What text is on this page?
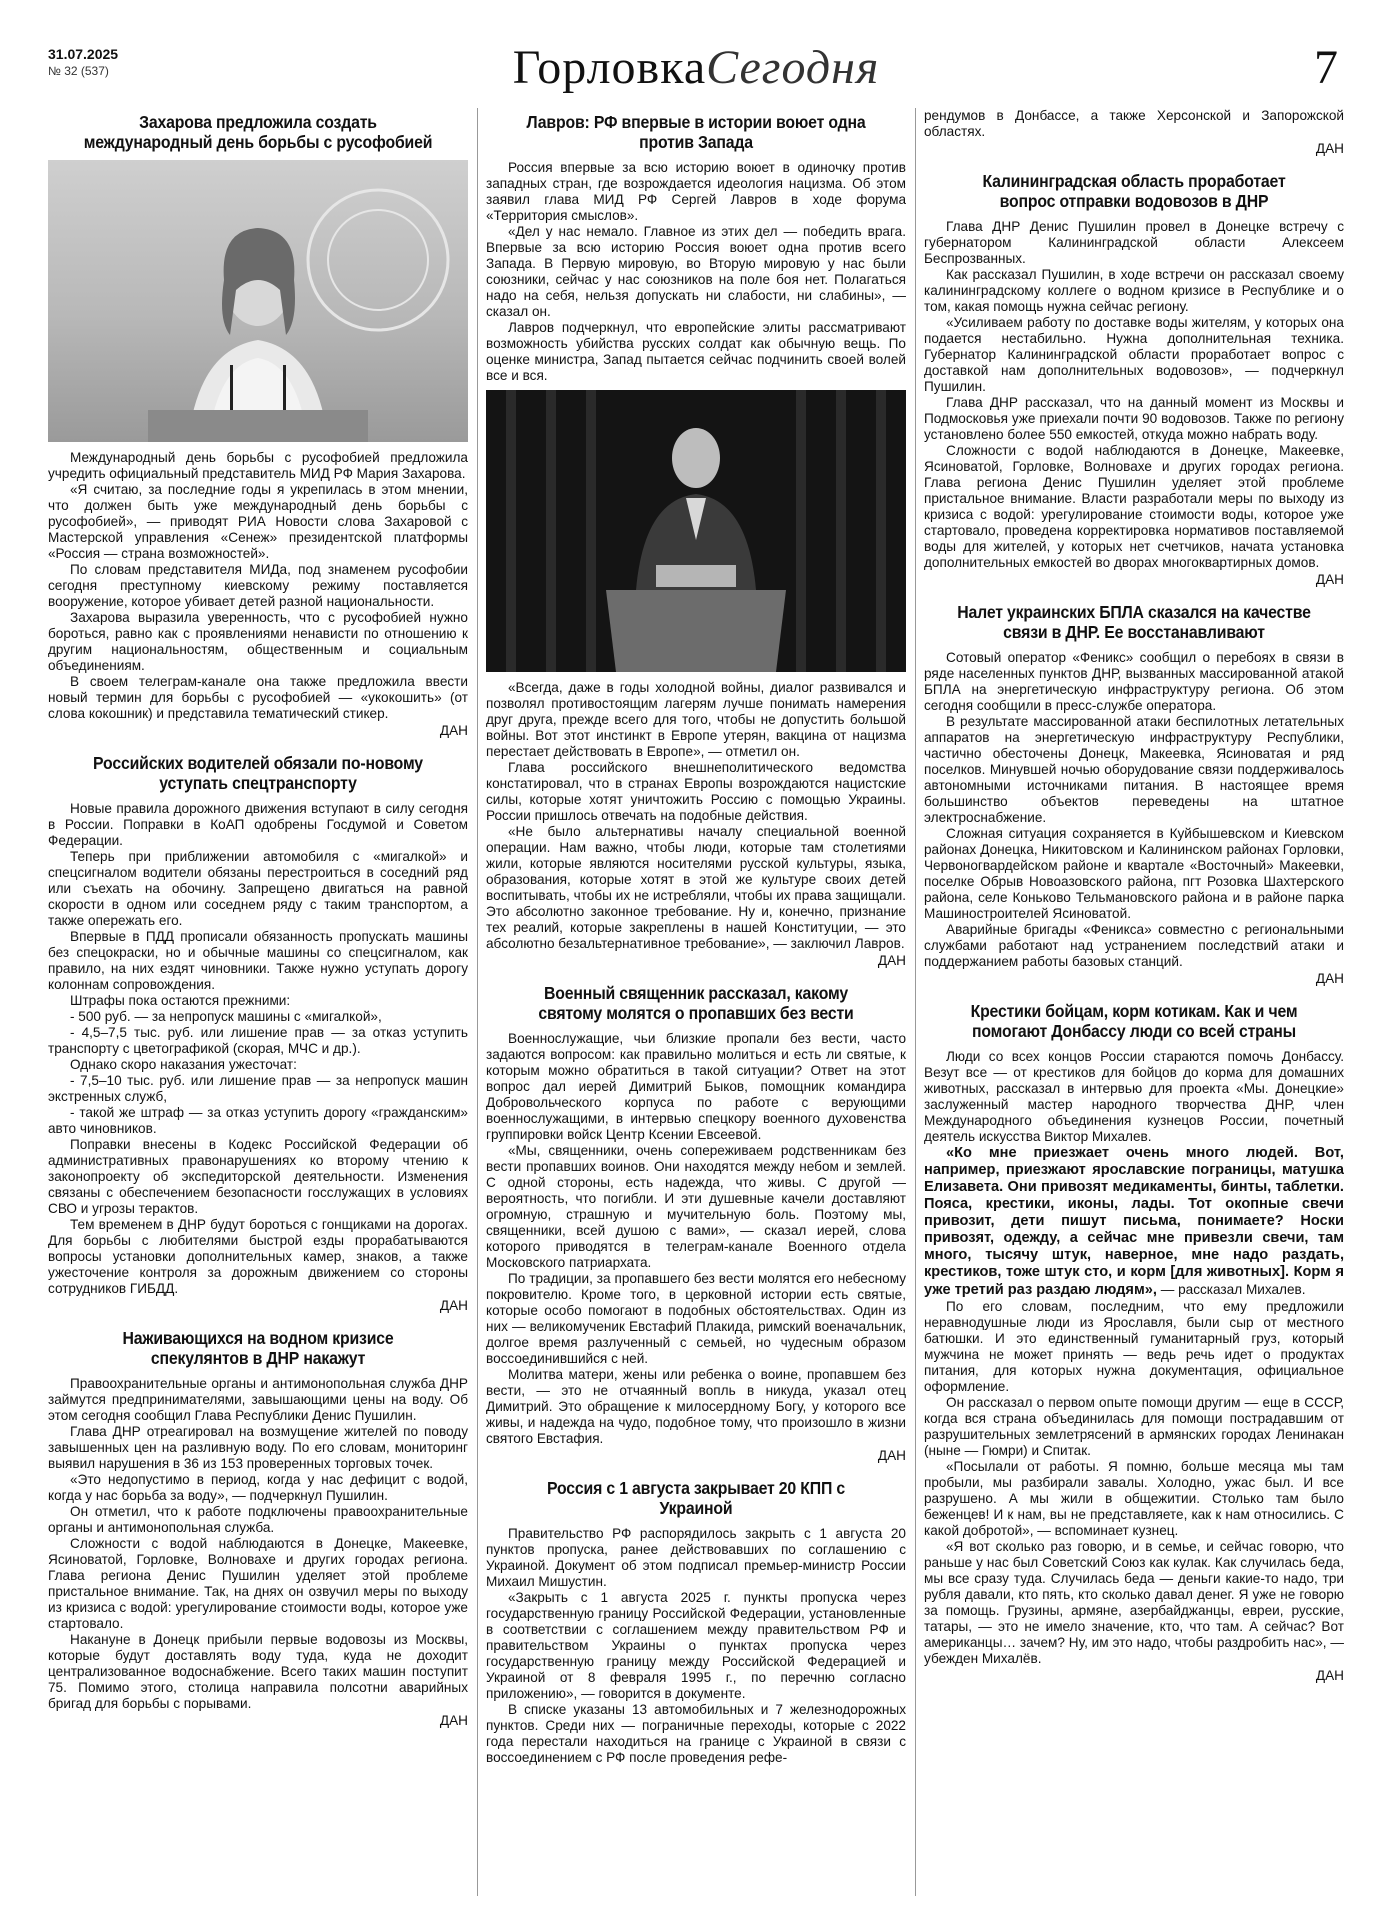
31.07.2025
№ 32 (537)	ГорловкаСегодня	7
Захарова предложила создать международный день борьбы с русофобией

Международный день борьбы с русофобией предложила учредить официальный представитель МИД РФ Мария Захарова.

«Я считаю, за последние годы я укрепилась в этом мнении, что должен быть уже международный день борьбы с русофобией», — приводят РИА Новости слова Захаровой с Мастерской управления «Сенеж» президентской платформы «Россия — страна возможностей».

По словам представителя МИДа, под знаменем русофобии сегодня преступному киевскому режиму поставляется вооружение, которое убивает детей разной национальности.

Захарова выразила уверенность, что с русофобией нужно бороться, равно как с проявлениями ненависти по отношению к другим национальностям, общественным и социальным объединениям.

В своем телеграм-канале она также предложила ввести новый термин для борьбы с русофобией — «укокошить» (от слова кокошник) и представила тематический стикер.

ДАН
Российских водителей обязали по-новому уступать спецтранспорту

Новые правила дорожного движения вступают в силу сегодня в России. Поправки в КоАП одобрены Госдумой и Советом Федерации.

Теперь при приближении автомобиля с «мигалкой» и спецсигналом водители обязаны перестроиться в соседний ряд или съехать на обочину. Запрещено двигаться на равной скорости в одном или соседнем ряду с таким транспортом, а также опережать его.

Впервые в ПДД прописали обязанность пропускать машины без спецокраски, но и обычные машины со спецсигналом, как правило, на них ездят чиновники. Также нужно уступать дорогу колоннам сопровождения.

Штрафы пока остаются прежними:

- 500 руб. — за непропуск машины с «мигалкой»,

- 4,5–7,5 тыс. руб. или лишение прав — за отказ уступить транспорту с цветографикой (скорая, МЧС и др.).

Однако скоро наказания ужесточат:

- 7,5–10 тыс. руб. или лишение прав — за непропуск машин экстренных служб,

- такой же штраф — за отказ уступить дорогу «гражданским» авто чиновников.

Поправки внесены в Кодекс Российской Федерации об административных правонарушениях ко второму чтению к законопроекту об экспедиторской деятельности. Изменения связаны с обеспечением безопасности госслужащих в условиях СВО и угрозы терактов.

Тем временем в ДНР будут бороться с гонщиками на дорогах. Для борьбы с любителями быстрой езды прорабатываются вопросы установки дополнительных камер, знаков, а также ужесточение контроля за дорожным движением со стороны сотрудников ГИБДД.

ДАН
Наживающихся на водном кризисе спекулянтов в ДНР накажут

Правоохранительные органы и антимонопольная служба ДНР займутся предпринимателями, завышающими цены на воду. Об этом сегодня сообщил Глава Республики Денис Пушилин.

Глава ДНР отреагировал на возмущение жителей по поводу завышенных цен на разливную воду. По его словам, мониторинг выявил нарушения в 36 из 153 проверенных торговых точек.

«Это недопустимо в период, когда у нас дефицит с водой, когда у нас борьба за воду», — подчеркнул Пушилин.

Он отметил, что к работе подключены правоохранительные органы и антимонопольная служба.

Сложности с водой наблюдаются в Донецке, Макеевке, Ясиноватой, Горловке, Волновахе и других городах региона. Глава региона Денис Пушилин уделяет этой проблеме пристальное внимание. Так, на днях он озвучил меры по выходу из кризиса с водой: урегулирование стоимости воды, которое уже стартовало.

Накануне в Донецк прибыли первые водовозы из Москвы, которые будут доставлять воду туда, куда не доходит централизованное водоснабжение. Всего таких машин поступит 75. Помимо этого, столица направила полсотни аварийных бригад для борьбы с порывами.

ДАН
Лавров: РФ впервые в истории воюет одна против Запада

Россия впервые за всю историю воюет в одиночку против западных стран, где возрождается идеология нацизма. Об этом заявил глава МИД РФ Сергей Лавров в ходе форума «Территория смыслов».

«Дел у нас немало. Главное из этих дел — победить врага. Впервые за всю историю Россия воюет одна против всего Запада. В Первую мировую, во Вторую мировую у нас были союзники, сейчас у нас союзников на поле боя нет. Полагаться надо на себя, нельзя допускать ни слабости, ни слабины», — сказал он.

Лавров подчеркнул, что европейские элиты рассматривают возможность убийства русских солдат как обычную вещь. По оценке министра, Запад пытается сейчас подчинить своей волей все и вся.

«Всегда, даже в годы холодной войны, диалог развивался и позволял противостоящим лагерям лучше понимать намерения друг друга, прежде всего для того, чтобы не допустить большой войны. Вот этот инстинкт в Европе утерян, вакцина от нацизма перестает действовать в Европе», — отметил он.

Глава российского внешнеполитического ведомства констатировал, что в странах Европы возрождаются нацистские силы, которые хотят уничтожить Россию с помощью Украины. России пришлось отвечать на подобные действия.

«Не было альтернативы началу специальной военной операции. Нам важно, чтобы люди, которые там столетиями жили, которые являются носителями русской культуры, языка, образования, которые хотят в этой же культуре своих детей воспитывать, чтобы их не истребляли, чтобы их права защищали. Это абсолютно законное требование. Ну и, конечно, признание тех реалий, которые закреплены в нашей Конституции, — это абсолютно безальтернативное требование», — заключил Лавров.

ДАН
Военный священник рассказал, какому святому молятся о пропавших без вести

Военнослужащие, чьи близкие пропали без вести, часто задаются вопросом: как правильно молиться и есть ли святые, к которым можно обратиться в такой ситуации? Ответ на этот вопрос дал иерей Димитрий Быков, помощник командира Добровольческого корпуса по работе с верующими военнослужащими, в интервью спецкору военного духовенства группировки войск Центр Ксении Евсеевой.

«Мы, священники, очень сопереживаем родственникам без вести пропавших воинов. Они находятся между небом и землей. С одной стороны, есть надежда, что живы. С другой — вероятность, что погибли. И эти душевные качели доставляют огромную, страшную и мучительную боль. Поэтому мы, священники, всей душою с вами», — сказал иерей, слова которого приводятся в телеграм-канале Военного отдела Московского патриархата.

По традиции, за пропавшего без вести молятся его небесному покровителю. Кроме того, в церковной истории есть святые, которые особо помогают в подобных обстоятельствах. Один из них — великомученик Евстафий Плакида, римский военачальник, долгое время разлученный с семьей, но чудесным образом воссоединившийся с ней.

Молитва матери, жены или ребенка о воине, пропавшем без вести, — это не отчаянный вопль в никуда, указал отец Димитрий. Это обращение к милосердному Богу, у которого все живы, и надежда на чудо, подобное тому, что произошло в жизни святого Евстафия.

ДАН
Россия с 1 августа закрывает 20 КПП с Украиной

Правительство РФ распорядилось закрыть с 1 августа 20 пунктов пропуска, ранее действовавших по соглашению с Украиной. Документ об этом подписал премьер-министр России Михаил Мишустин.

«Закрыть с 1 августа 2025 г. пункты пропуска через государственную границу Российской Федерации, установленные в соответствии с соглашением между правительством РФ и правительством Украины о пунктах пропуска через государственную границу между Российской Федерацией и Украиной от 8 февраля 1995 г., по перечню согласно приложению», — говорится в документе.

В списке указаны 13 автомобильных и 7 железнодорожных пунктов. Среди них — пограничные переходы, которые с 2022 года перестали находиться на границе с Украиной в связи с воссоединением с РФ после проведения рефе-

рендумов в Донбассе, а также Херсонской и Запорожской областях.

ДАН
Калининградская область проработает вопрос отправки водовозов в ДНР

Глава ДНР Денис Пушилин провел в Донецке встречу с губернатором Калининградской области Алексеем Беспрозванных.

Как рассказал Пушилин, в ходе встречи он рассказал своему калининградскому коллеге о водном кризисе в Республике и о том, какая помощь нужна сейчас региону.

«Усиливаем работу по доставке воды жителям, у которых она подается нестабильно. Нужна дополнительная техника. Губернатор Калининградской области проработает вопрос с доставкой нам дополнительных водовозов», — подчеркнул Пушилин.

Глава ДНР рассказал, что на данный момент из Москвы и Подмосковья уже приехали почти 90 водовозов. Также по региону установлено более 550 емкостей, откуда можно набрать воду.

Сложности с водой наблюдаются в Донецке, Макеевке, Ясиноватой, Горловке, Волновахе и других городах региона. Глава региона Денис Пушилин уделяет этой проблеме пристальное внимание. Власти разработали меры по выходу из кризиса с водой: урегулирование стоимости воды, которое уже стартовало, проведена корректировка нормативов поставляемой воды для жителей, у которых нет счетчиков, начата установка дополнительных емкостей во дворах многоквартирных домов.

ДАН
Налет украинских БПЛА сказался на качестве связи в ДНР. Ее восстанавливают

Сотовый оператор «Феникс» сообщил о перебоях в связи в ряде населенных пунктов ДНР, вызванных массированной атакой БПЛА на энергетическую инфраструктуру региона. Об этом сегодня сообщили в пресс-службе оператора.

В результате массированной атаки беспилотных летательных аппаратов на энергетическую инфраструктуру Республики, частично обесточены Донецк, Макеевка, Ясиноватая и ряд поселков. Минувшей ночью оборудование связи поддерживалось автономными источниками питания. В настоящее время большинство объектов переведены на штатное электроснабжение.

Сложная ситуация сохраняется в Куйбышевском и Киевском районах Донецка, Никитовском и Калининском районах Горловки, Червоногвардейском районе и квартале «Восточный» Макеевки, поселке Обрыв Новоазовского района, пгт Розовка Шахтерского района, селе Коньково Тельмановского района и в районе парка Машиностроителей Ясиноватой.

Аварийные бригады «Феникса» совместно с региональными службами работают над устранением последствий атаки и поддержанием работы базовых станций.

ДАН
Крестики бойцам, корм котикам. Как и чем помогают Донбассу люди со всей страны

Люди со всех концов России стараются помочь Донбассу. Везут все — от крестиков для бойцов до корма для домашних животных, рассказал в интервью для проекта «Мы. Донецкие» заслуженный мастер народного творчества ДНР, член Международного объединения кузнецов России, почетный деятель искусства Виктор Михалев.

«Ко мне приезжает очень много людей. Вот, например, приезжают ярославские пограницы, матушка Елизавета. Они привозят медикаменты, бинты, таблетки. Пояса, крестики, иконы, лады. Тот окопные свечи привозит, дети пишут письма, понимаете? Носки привозят, одежду, а сейчас мне привезли свечи, там много, тысячу штук, наверное, мне надо раздать, крестиков, тоже штук сто, и корм [для животных]. Корм я уже третий раз раздаю людям», — рассказал Михалев.

По его словам, последним, что ему предложили неравнодушные люди из Ярославля, были сыр от местного батюшки. И это единственный гуманитарный груз, который мужчина не может принять — ведь речь идет о продуктах питания, для которых нужна документация, официальное оформление.

Он рассказал о первом опыте помощи другим — еще в СССР, когда вся страна объединилась для помощи пострадавшим от разрушительных землетрясений в армянских городах Ленинакан (ныне — Гюмри) и Спитак.

«Посылали от работы. Я помню, больше месяца мы там пробыли, мы разбирали завалы. Холодно, ужас был. И все разрушено. А мы жили в общежитии. Столько там было беженцев! И к нам, вы не представляете, как к нам относились. С какой добротой», — вспоминает кузнец.

«Я вот сколько раз говорю, и в семье, и сейчас говорю, что раньше у нас был Советский Союз как кулак. Как случилась беда, мы все сразу туда. Случилась беда — деньги какие-то надо, три рубля давали, кто пять, кто сколько давал денег. Я уже не говорю за помощь. Грузины, армяне, азербайджанцы, евреи, русские, татары, — это не имело значение, кто, что там. А сейчас? Вот американцы… зачем? Ну, им это надо, чтобы раздробить нас», — убежден Михалёв.

ДАН
